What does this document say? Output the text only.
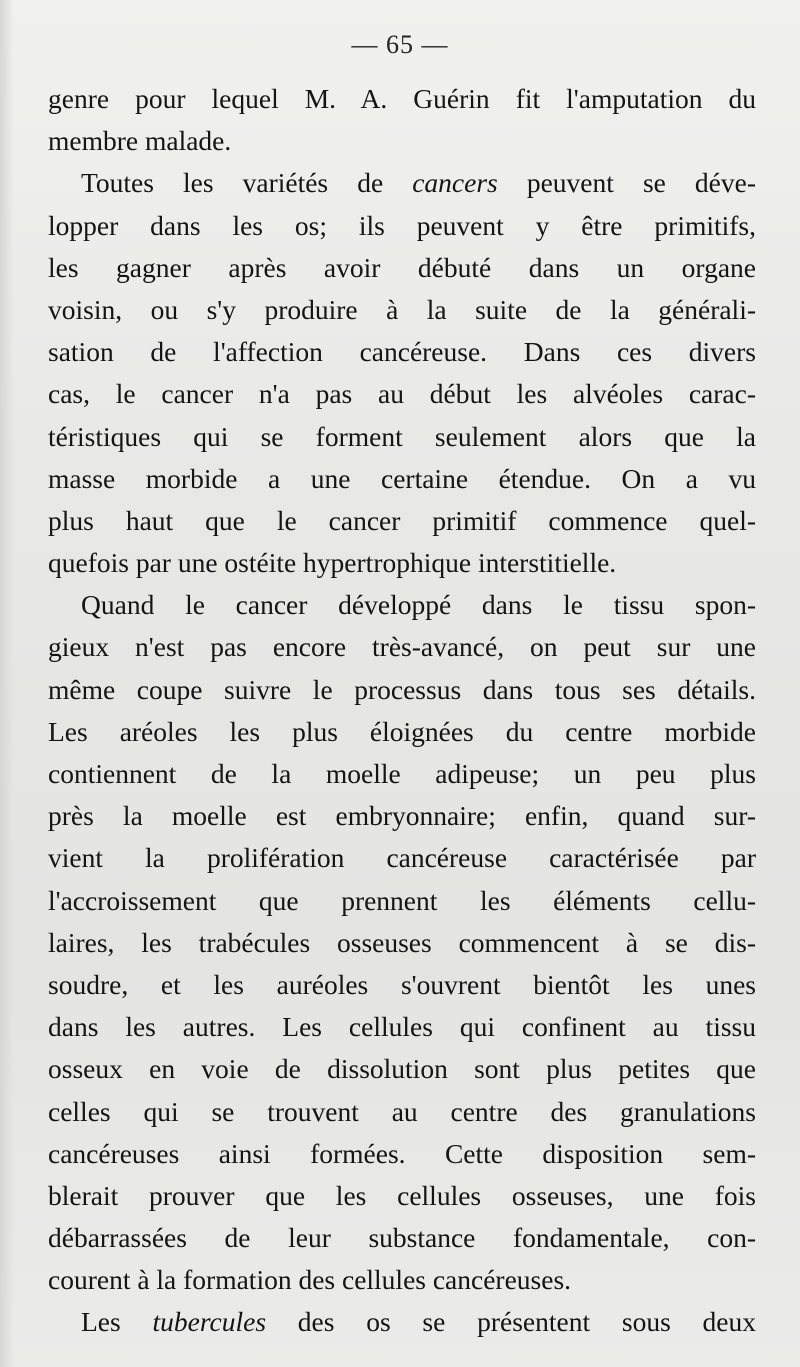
— 65 —
genre pour lequel M. A. Guérin fit l'amputation du
membre malade.
Toutes les variétés de cancers peuvent se déve-
lopper dans les os; ils peuvent y être primitifs,
les gagner après avoir débuté dans un organe
voisin, ou s'y produire à la suite de la générali-
sation de l'affection cancéreuse. Dans ces divers
cas, le cancer n'a pas au début les alvéoles carac-
téristiques qui se forment seulement alors que la
masse morbide a une certaine étendue. On a vu
plus haut que le cancer primitif commence quel-
quefois par une ostéite hypertrophique interstitielle.
Quand le cancer développé dans le tissu spon-
gieux n'est pas encore très-avancé, on peut sur une
même coupe suivre le processus dans tous ses détails.
Les aréoles les plus éloignées du centre morbide
contiennent de la moelle adipeuse; un peu plus
près la moelle est embryonnaire; enfin, quand sur-
vient la prolifération cancéreuse caractérisée par
l'accroissement que prennent les éléments cellu-
laires, les trabécules osseuses commencent à se dis-
soudre, et les auréoles s'ouvrent bientôt les unes
dans les autres. Les cellules qui confinent au tissu
osseux en voie de dissolution sont plus petites que
celles qui se trouvent au centre des granulations
cancéreuses ainsi formées. Cette disposition sem-
blerait prouver que les cellules osseuses, une fois
débarrassées de leur substance fondamentale, con-
courent à la formation des cellules cancéreuses.
Les tubercules des os se présentent sous deux
